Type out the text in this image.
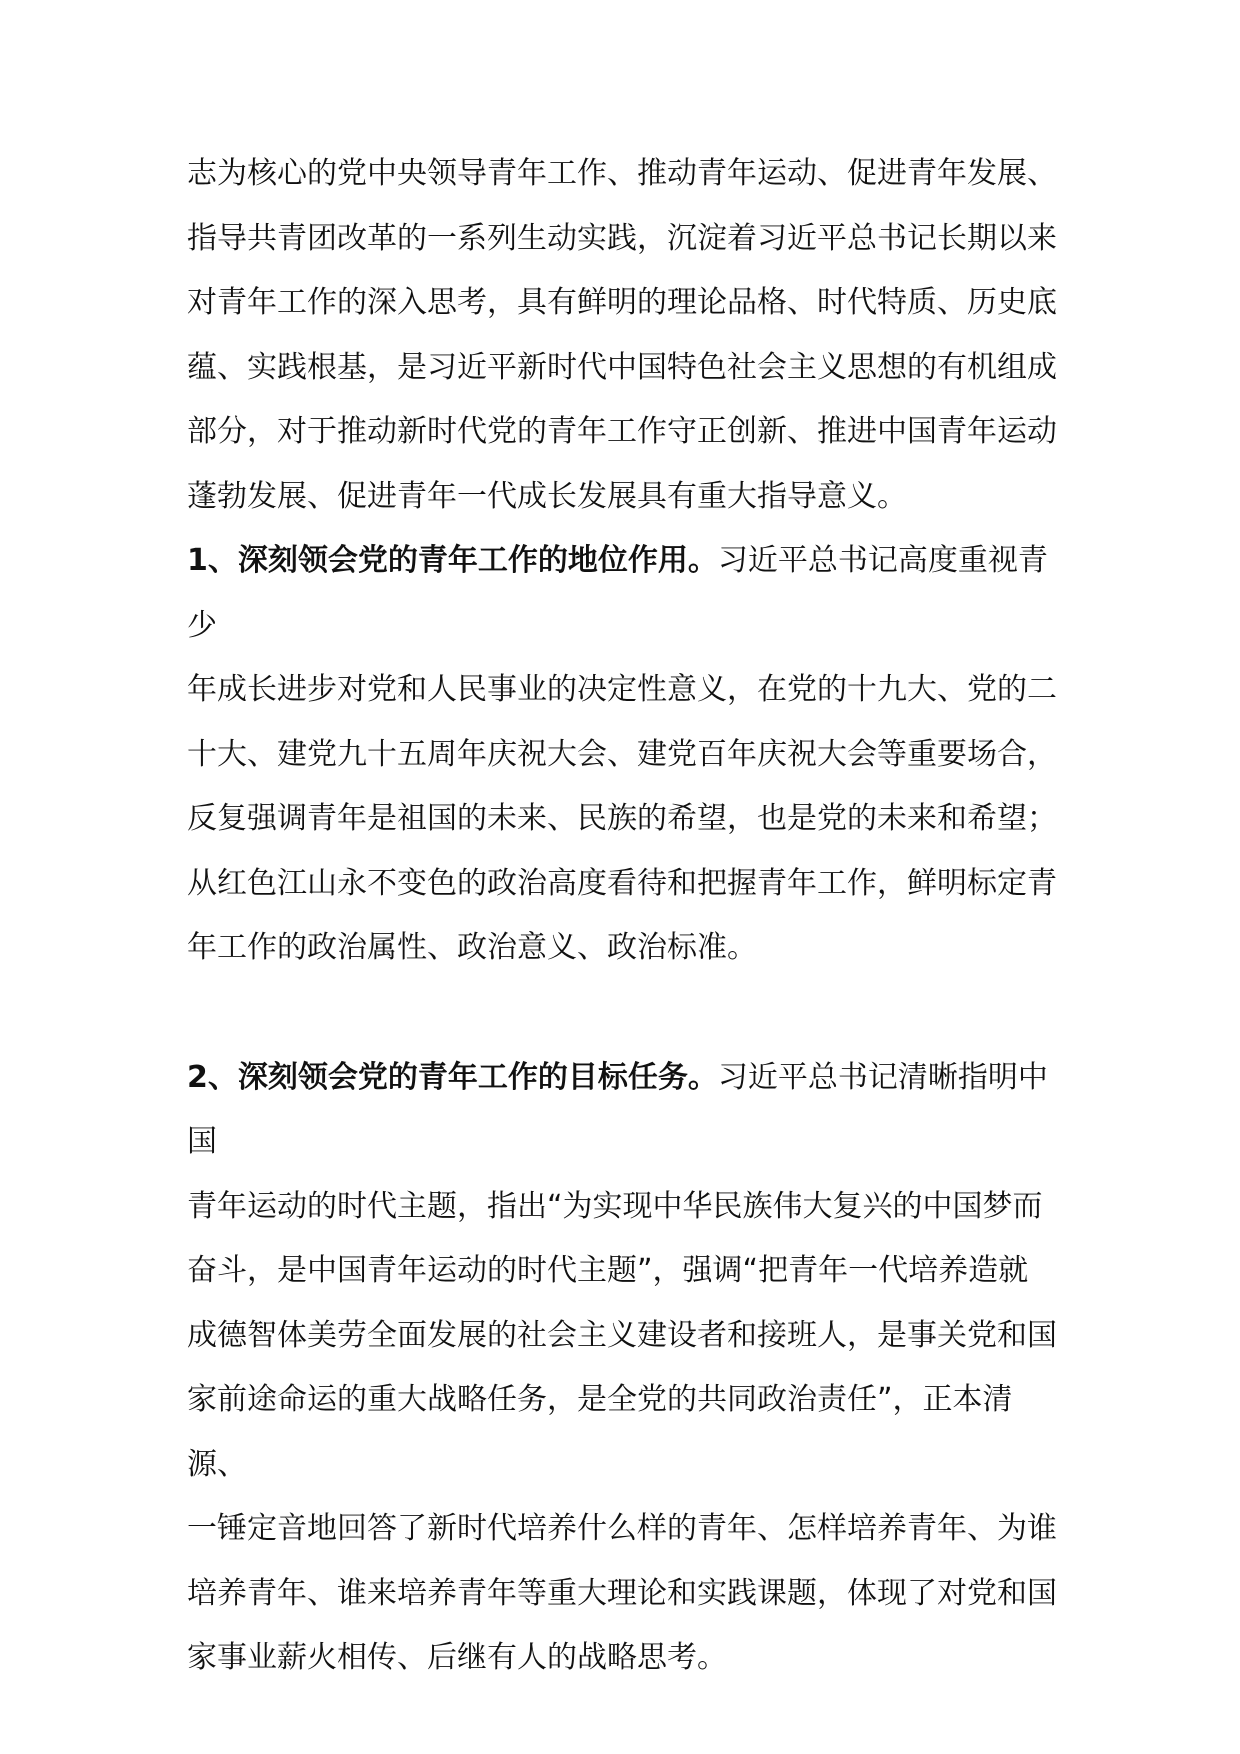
志为核心的党中央领导青年工作、推动青年运动、促进青年发展、
指导共青团改革的一系列生动实践，沉淀着习近平总书记长期以来
对青年工作的深入思考，具有鲜明的理论品格、时代特质、历史底
蕴、实践根基，是习近平新时代中国特色社会主义思想的有机组成
部分，对于推动新时代党的青年工作守正创新、推进中国青年运动
蓬勃发展、促进青年一代成长发展具有重大指导意义。
1、深刻领会党的青年工作的地位作用。习近平总书记高度重视青少
年成长进步对党和人民事业的决定性意义，在党的十九大、党的二
十大、建党九十五周年庆祝大会、建党百年庆祝大会等重要场合，
反复强调青年是祖国的未来、民族的希望，也是党的未来和希望；
从红色江山永不变色的政治高度看待和把握青年工作，鲜明标定青
年工作的政治属性、政治意义、政治标准。
2、深刻领会党的青年工作的目标任务。习近平总书记清晰指明中国
青年运动的时代主题，指出“为实现中华民族伟大复兴的中国梦而
奋斗，是中国青年运动的时代主题”，强调“把青年一代培养造就
成德智体美劳全面发展的社会主义建设者和接班人，是事关党和国
家前途命运的重大战略任务，是全党的共同政治责任”，正本清源、
一锤定音地回答了新时代培养什么样的青年、怎样培养青年、为谁
培养青年、谁来培养青年等重大理论和实践课题，体现了对党和国
家事业薪火相传、后继有人的战略思考。
